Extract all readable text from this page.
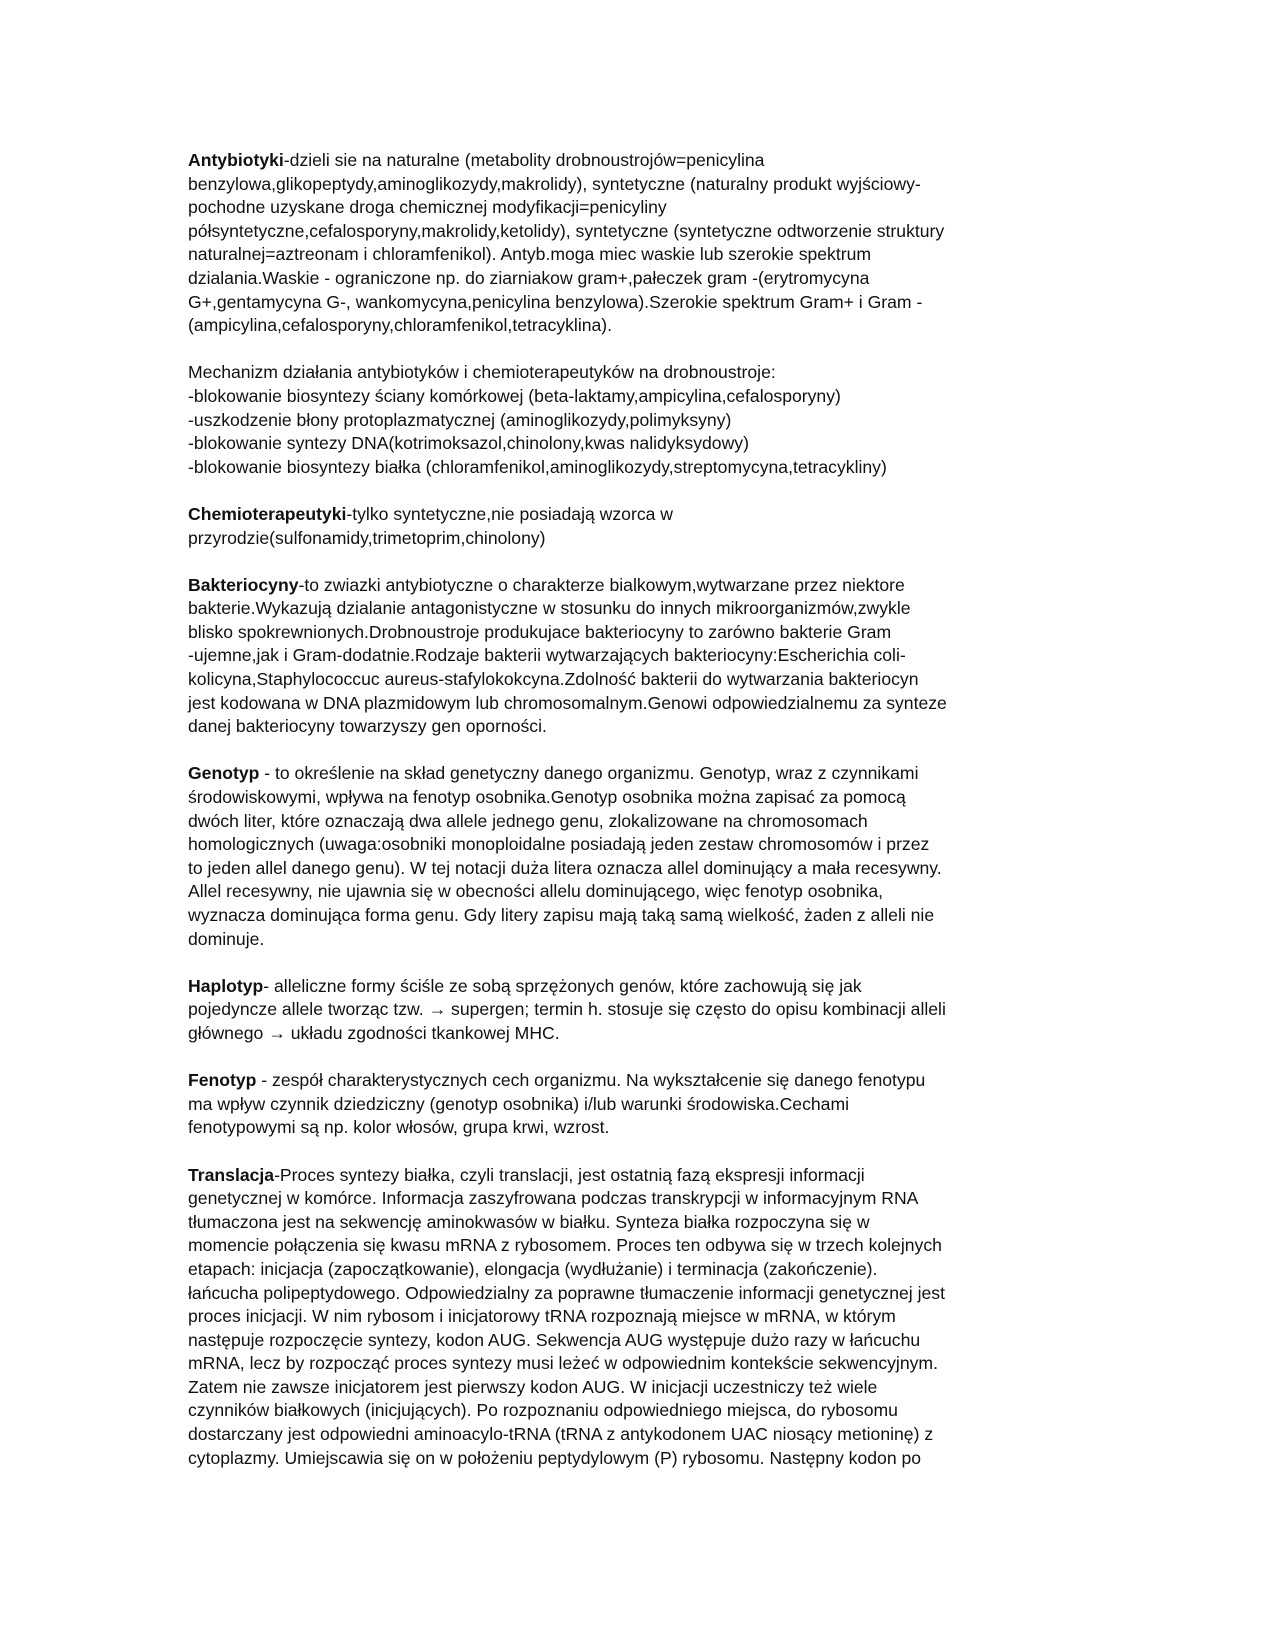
Antybiotyki-dzieli sie na naturalne (metabolity drobnoustrojów=penicylina
benzylowa,glikopeptydy,aminoglikozydy,makrolidy), syntetyczne (naturalny produkt wyjściowy-
pochodne uzyskane droga chemicznej modyfikacji=penicyliny
półsyntetyczne,cefalosporyny,makrolidy,ketolidy), syntetyczne (syntetyczne odtworzenie struktury
naturalnej=aztreonam i chloramfenikol). Antyb.moga miec waskie lub szerokie spektrum
dzialania.Waskie - ograniczone np. do ziarniakow gram+,pałeczek gram -(erytromycyna
G+,gentamycyna G-, wankomycyna,penicylina benzylowa).Szerokie spektrum Gram+ i Gram -
(ampicylina,cefalosporyny,chloramfenikol,tetracyklina).

Mechanizm działania antybiotyków i chemioterapeutyków na drobnoustroje:
-blokowanie biosyntezy ściany komórkowej (beta-laktamy,ampicylina,cefalosporyny)
-uszkodzenie błony protoplazmatycznej (aminoglikozydy,polimyksyny)
-blokowanie syntezy DNA(kotrimoksazol,chinolony,kwas nalidyksydowy)
-blokowanie biosyntezy białka (chloramfenikol,aminoglikozydy,streptomycyna,tetracykliny)

Chemioterapeutyki-tylko syntetyczne,nie posiadają wzorca w
przyrodzie(sulfonamidy,trimetoprim,chinolony)

Bakteriocyny-to zwiazki antybiotyczne o charakterze bialkowym,wytwarzane przez niektore
bakterie.Wykazują dzialanie antagonistyczne w stosunku do innych mikroorganizmów,zwykle
blisko spokrewnionych.Drobnoustroje produkujace bakteriocyny to zarówno bakterie Gram
-ujemne,jak i Gram-dodatnie.Rodzaje bakterii wytwarzających bakteriocyny:Escherichia coli-
kolicyna,Staphylococcuc aureus-stafylokokcyna.Zdolność bakterii do wytwarzania bakteriocyn
jest kodowana w DNA plazmidowym lub chromosomalnym.Genowi odpowiedzialnemu za synteze
danej bakteriocyny towarzyszy gen oporności.

Genotyp - to określenie na skład genetyczny danego organizmu. Genotyp, wraz z czynnikami
środowiskowymi, wpływa na fenotyp osobnika.Genotyp osobnika można zapisać za pomocą
dwóch liter, które oznaczają dwa allele jednego genu, zlokalizowane na chromosomach
homologicznych (uwaga:osobniki monoploidalne posiadają jeden zestaw chromosomów i przez
to jeden allel danego genu). W tej notacji duża litera oznacza allel dominujący a mała recesywny.
Allel recesywny, nie ujawnia się w obecności allelu dominującego, więc fenotyp osobnika,
wyznacza dominująca forma genu. Gdy litery zapisu mają taką samą wielkość, żaden z alleli nie
dominuje.

Haplotyp- alleliczne formy ściśle ze sobą sprzężonych genów, które zachowują się jak
pojedyncze allele tworząc tzw. → supergen; termin h. stosuje się często do opisu kombinacji alleli
głównego → układu zgodności tkankowej MHC.

Fenotyp - zespół charakterystycznych cech organizmu. Na wykształcenie się danego fenotypu
ma wpływ czynnik dziedziczny (genotyp osobnika) i/lub warunki środowiska.Cechami
fenotypowymi są np. kolor włosów, grupa krwi, wzrost.

Translacja-Proces syntezy białka, czyli translacji, jest ostatnią fazą ekspresji informacji
genetycznej w komórce. Informacja zaszyfrowana podczas transkrypcji w informacyjnym RNA
tłumaczona jest na sekwencję aminokwasów w białku. Synteza białka rozpoczyna się w
momencie połączenia się kwasu mRNA z rybosomem. Proces ten odbywa się w trzech kolejnych
etapach: inicjacja (zapoczątkowanie), elongacja (wydłużanie) i terminacja (zakończenie).
łańcucha polipeptydowego. Odpowiedzialny za poprawne tłumaczenie informacji genetycznej jest
proces inicjacji. W nim rybosom i inicjatorowy tRNA rozpoznają miejsce w mRNA, w którym
następuje rozpoczęcie syntezy, kodon AUG. Sekwencja AUG występuje dużo razy w łańcuchu
mRNA, lecz by rozpocząć proces syntezy musi leżeć w odpowiednim kontekście sekwencyjnym.
Zatem nie zawsze inicjatorem jest pierwszy kodon AUG. W inicjacji uczestniczy też wiele
czynników białkowych (inicjujących). Po rozpoznaniu odpowiedniego miejsca, do rybosomu
dostarczany jest odpowiedni aminoacylo-tRNA (tRNA z antykodonem UAC niosący metioninę) z
cytoplazmy. Umiejscawia się on w położeniu peptydylowym (P) rybosomu. Następny kodon po
